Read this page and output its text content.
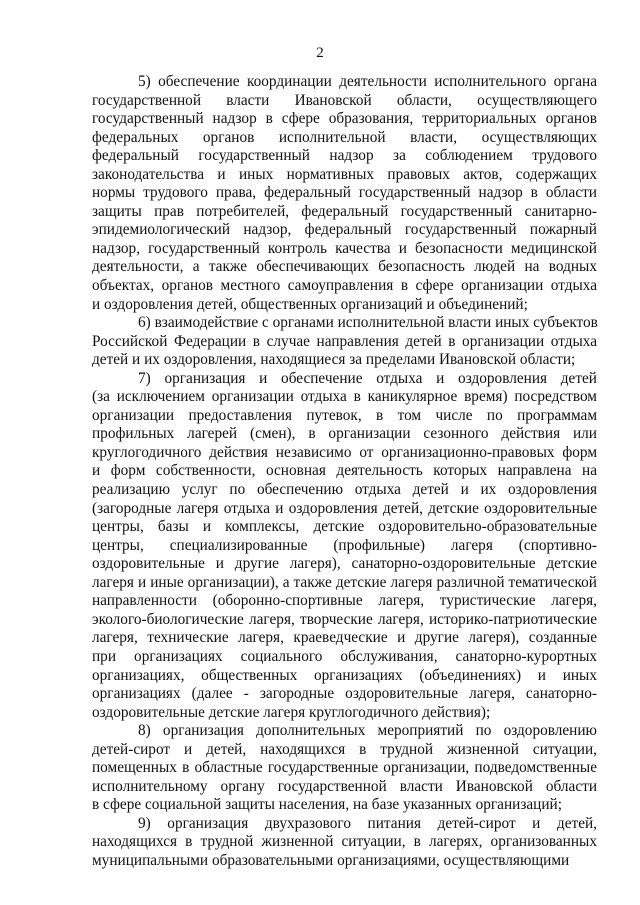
2
5) обеспечение координации деятельности исполнительного органа
государственной власти Ивановской области, осуществляющего
государственный надзор в сфере образования, территориальных органов
федеральных органов исполнительной власти, осуществляющих
федеральный государственный надзор за соблюдением трудового
законодательства и иных нормативных правовых актов, содержащих
нормы трудового права, федеральный государственный надзор в области
защиты прав потребителей, федеральный государственный санитарно-
эпидемиологический надзор, федеральный государственный пожарный
надзор, государственный контроль качества и безопасности медицинской
деятельности, а также обеспечивающих безопасность людей на водных
объектах, органов местного самоуправления в сфере организации отдыха
и оздоровления детей, общественных организаций и объединений;
6) взаимодействие с органами исполнительной власти иных субъектов
Российской Федерации в случае направления детей в организации отдыха
детей и их оздоровления, находящиеся за пределами Ивановской области;
7) организация и обеспечение отдыха и оздоровления детей
(за исключением организации отдыха в каникулярное время) посредством
организации предоставления путевок, в том числе по программам
профильных лагерей (смен), в организации сезонного действия или
круглогодичного действия независимо от организационно-правовых форм
и форм собственности, основная деятельность которых направлена на
реализацию услуг по обеспечению отдыха детей и их оздоровления
(загородные лагеря отдыха и оздоровления детей, детские оздоровительные
центры, базы и комплексы, детские оздоровительно-образовательные
центры, специализированные (профильные) лагеря (спортивно-
оздоровительные и другие лагеря), санаторно-оздоровительные детские
лагеря и иные организации), а также детские лагеря различной тематической
направленности (оборонно-спортивные лагеря, туристические лагеря,
эколого-биологические лагеря, творческие лагеря, историко-патриотические
лагеря, технические лагеря, краеведческие и другие лагеря), созданные
при организациях социального обслуживания, санаторно-курортных
организациях, общественных организациях (объединениях) и иных
организациях (далее - загородные оздоровительные лагеря, санаторно-
оздоровительные детские лагеря круглогодичного действия);
8) организация дополнительных мероприятий по оздоровлению
детей-сирот и детей, находящихся в трудной жизненной ситуации,
помещенных в областные государственные организации, подведомственные
исполнительному органу государственной власти Ивановской области
в сфере социальной защиты населения, на базе указанных организаций;
9) организация двухразового питания детей-сирот и детей,
находящихся в трудной жизненной ситуации, в лагерях, организованных
муниципальными образовательными организациями, осуществляющими
